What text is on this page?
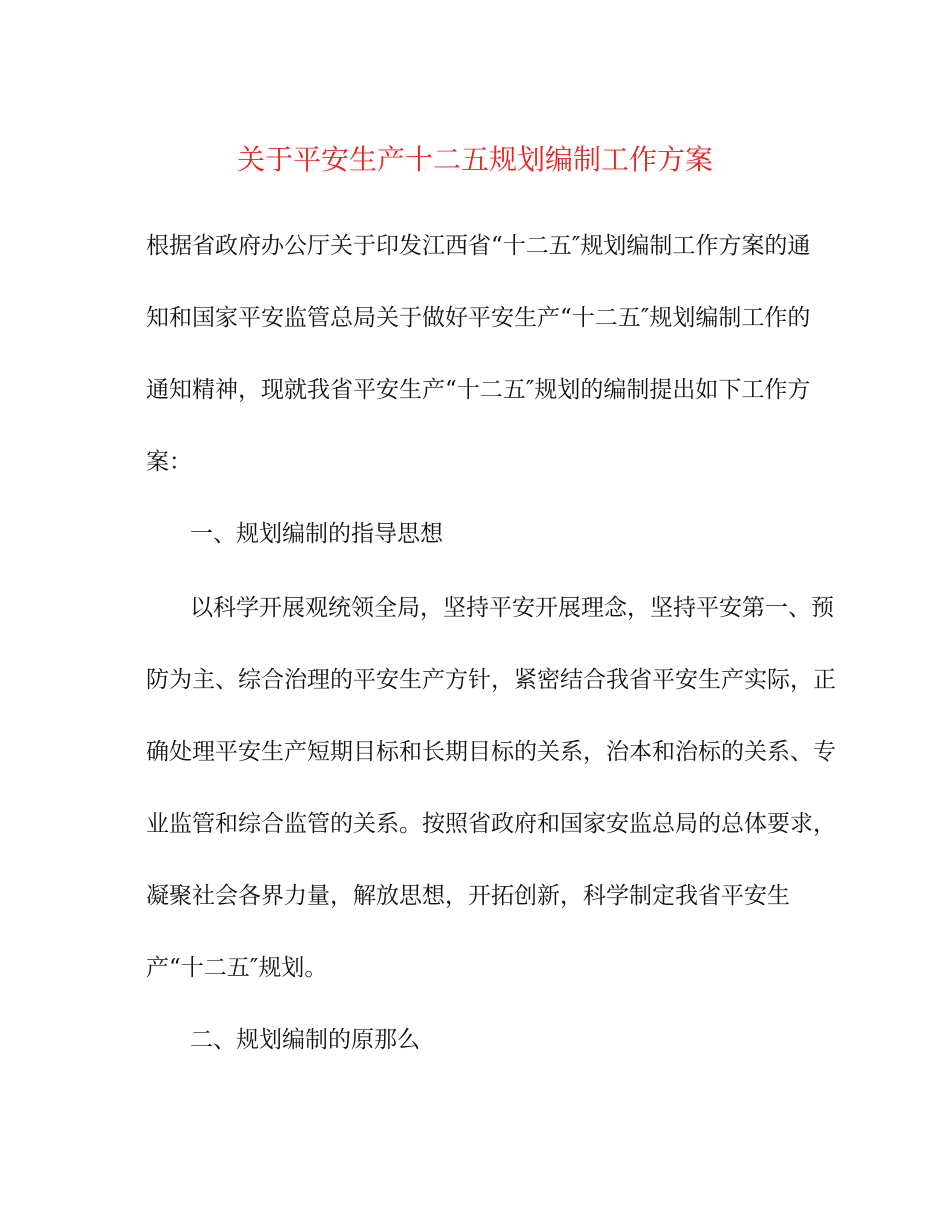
关于平安生产十二五规划编制工作方案

根据省政府办公厅关于印发江西省“十二五″规划编制工作方案的通

知和国家平安监管总局关于做好平安生产“十二五″规划编制工作的

通知精神，现就我省平安生产“十二五″规划的编制提出如下工作方

案：

一、规划编制的指导思想

以科学开展观统领全局，坚持平安开展理念，坚持平安第一、预

防为主、综合治理的平安生产方针，紧密结合我省平安生产实际，正

确处理平安生产短期目标和长期目标的关系，治本和治标的关系、专

业监管和综合监管的关系。按照省政府和国家安监总局的总体要求，

凝聚社会各界力量，解放思想，开拓创新，科学制定我省平安生

产“十二五″规划。

二、规划编制的原那么
